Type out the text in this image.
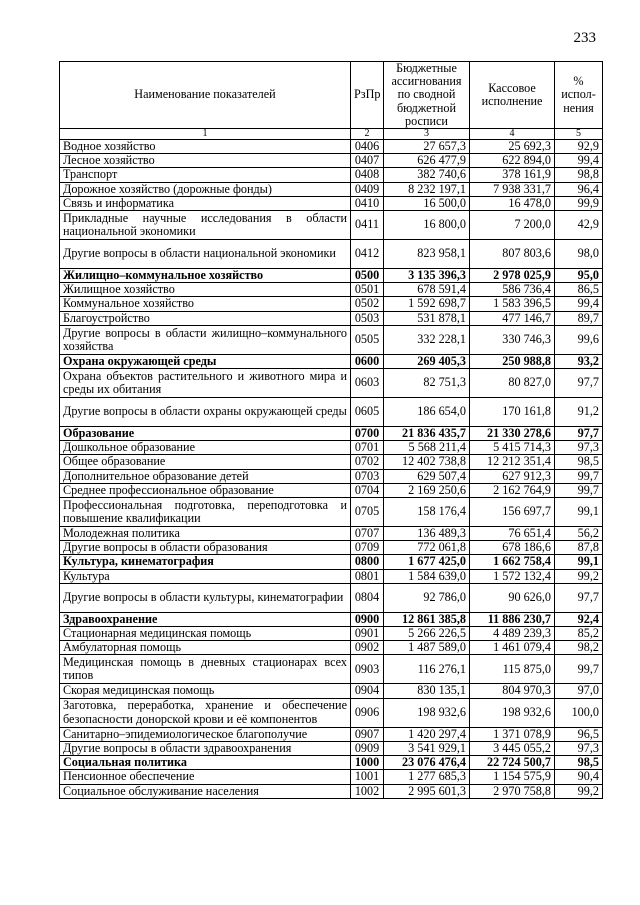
233
Наименование показателей	РзПр	Бюджетные ассигнования по сводной бюджетной росписи	Кассовое исполнение	% испол-нения
1	2	3	4	5
Водное хозяйство	0406	27 657,3	25 692,3	92,9
Лесное хозяйство	0407	626 477,9	622 894,0	99,4
Транспорт	0408	382 740,6	378 161,9	98,8
Дорожное хозяйство (дорожные фонды)	0409	8 232 197,1	7 938 331,7	96,4
Связь и информатика	0410	16 500,0	16 478,0	99,9
Прикладные научные исследования в области национальной экономики	0411	16 800,0	7 200,0	42,9
Другие вопросы в области национальной экономики	0412	823 958,1	807 803,6	98,0
Жилищно–коммунальное хозяйство	0500	3 135 396,3	2 978 025,9	95,0
Жилищное хозяйство	0501	678 591,4	586 736,4	86,5
Коммунальное хозяйство	0502	1 592 698,7	1 583 396,5	99,4
Благоустройство	0503	531 878,1	477 146,7	89,7
Другие вопросы в области жилищно–коммунального хозяйства	0505	332 228,1	330 746,3	99,6
Охрана окружающей среды	0600	269 405,3	250 988,8	93,2
Охрана объектов растительного и животного мира и среды их обитания	0603	82 751,3	80 827,0	97,7
Другие вопросы в области охраны окружающей среды	0605	186 654,0	170 161,8	91,2
Образование	0700	21 836 435,7	21 330 278,6	97,7
Дошкольное образование	0701	5 568 211,4	5 415 714,3	97,3
Общее образование	0702	12 402 738,8	12 212 351,4	98,5
Дополнительное образование детей	0703	629 507,4	627 912,3	99,7
Среднее профессиональное образование	0704	2 169 250,6	2 162 764,9	99,7
Профессиональная подготовка, переподготовка и повышение квалификации	0705	158 176,4	156 697,7	99,1
Молодежная политика	0707	136 489,3	76 651,4	56,2
Другие вопросы в области образования	0709	772 061,8	678 186,6	87,8
Культура, кинематография	0800	1 677 425,0	1 662 758,4	99,1
Культура	0801	1 584 639,0	1 572 132,4	99,2
Другие вопросы в области культуры, кинематографии	0804	92 786,0	90 626,0	97,7
Здравоохранение	0900	12 861 385,8	11 886 230,7	92,4
Стационарная медицинская помощь	0901	5 266 226,5	4 489 239,3	85,2
Амбулаторная помощь	0902	1 487 589,0	1 461 079,4	98,2
Медицинская помощь в дневных стационарах всех типов	0903	116 276,1	115 875,0	99,7
Скорая медицинская помощь	0904	830 135,1	804 970,3	97,0
Заготовка, переработка, хранение и обеспечение безопасности донорской крови и её компонентов	0906	198 932,6	198 932,6	100,0
Санитарно–эпидемиологическое благополучие	0907	1 420 297,4	1 371 078,9	96,5
Другие вопросы в области здравоохранения	0909	3 541 929,1	3 445 055,2	97,3
Социальная политика	1000	23 076 476,4	22 724 500,7	98,5
Пенсионное обеспечение	1001	1 277 685,3	1 154 575,9	90,4
Социальное обслуживание населения	1002	2 995 601,3	2 970 758,8	99,2
